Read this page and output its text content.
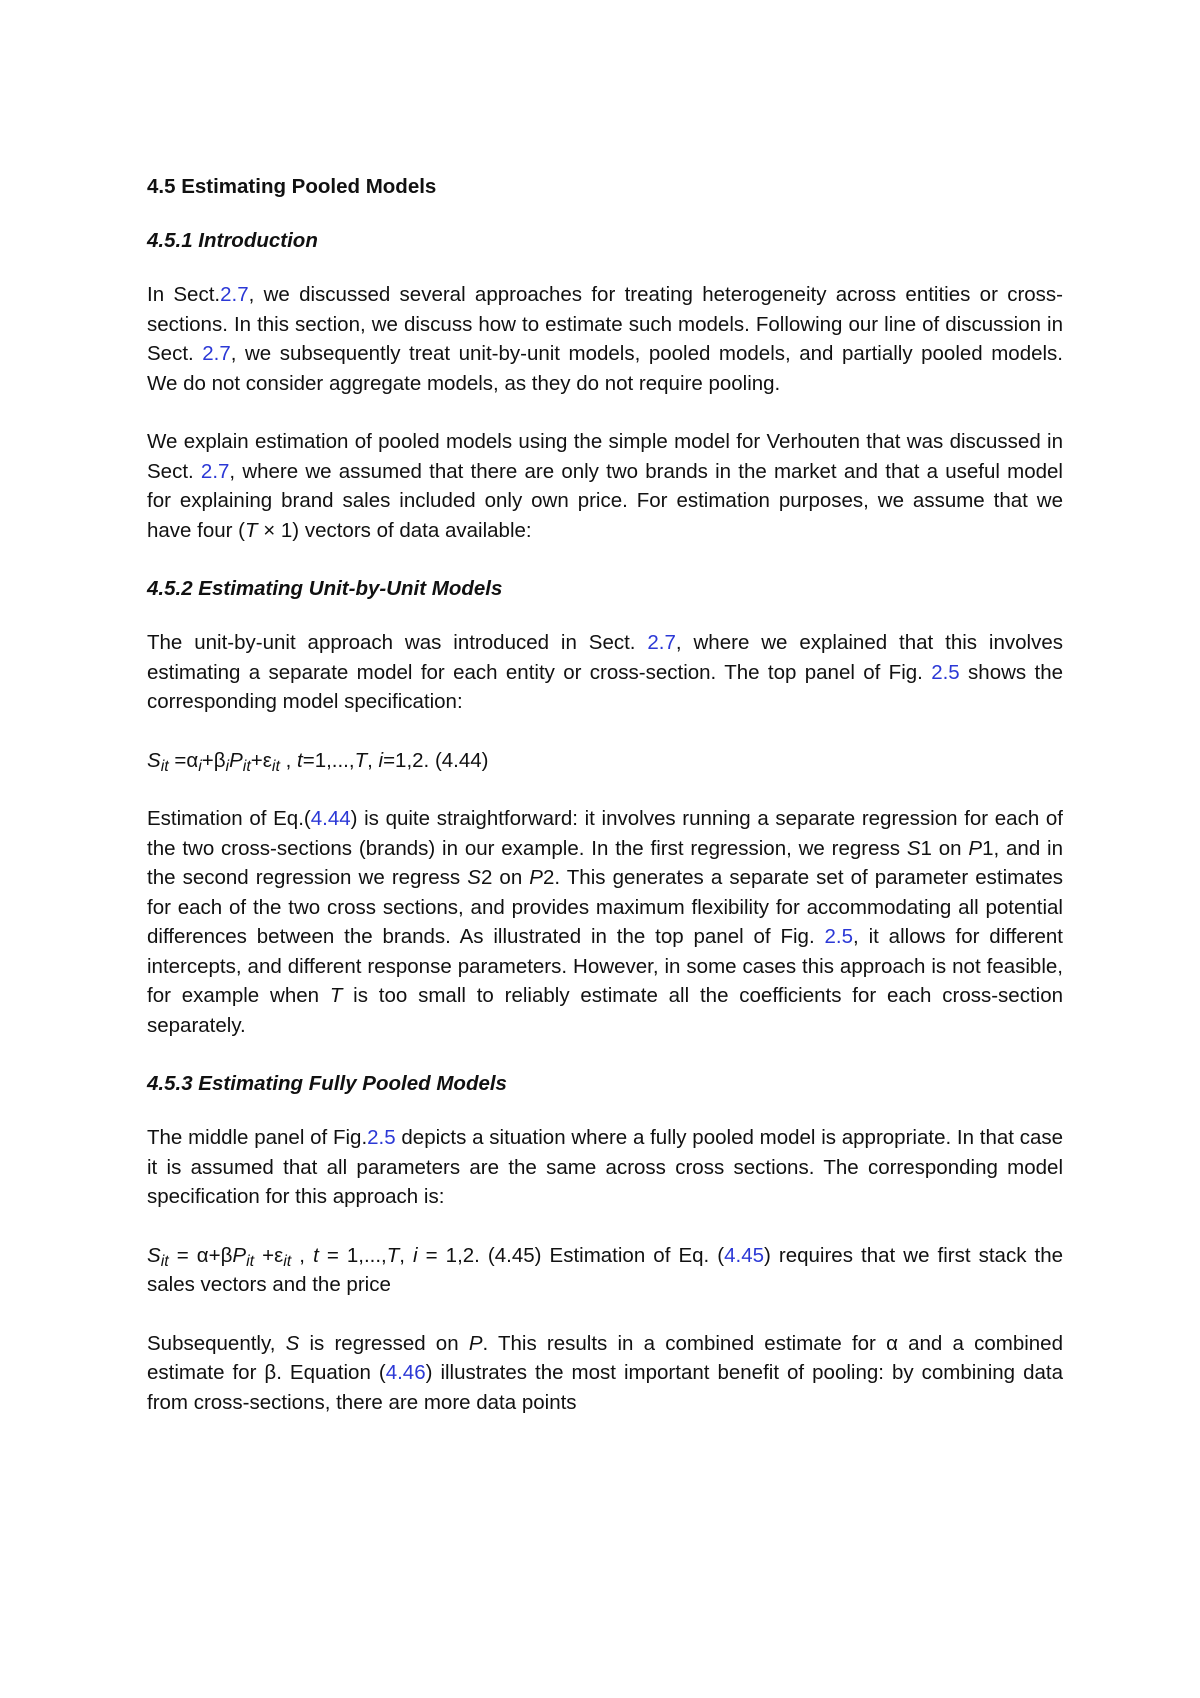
4.5 Estimating Pooled Models
4.5.1 Introduction

In Sect.2.7, we discussed several approaches for treating heterogeneity across entities or cross-sections. In this section, we discuss how to estimate such models. Following our line of discussion in Sect. 2.7, we subsequently treat unit-by-unit models, pooled models, and partially pooled models. We do not consider aggregate models, as they do not require pooling.

We explain estimation of pooled models using the simple model for Verhouten that was discussed in Sect. 2.7, where we assumed that there are only two brands in the market and that a useful model for explaining brand sales included only own price. For estimation purposes, we assume that we have four (T × 1) vectors of data available:

4.5.2 Estimating Unit-by-Unit Models

The unit-by-unit approach was introduced in Sect. 2.7, where we explained that this involves estimating a separate model for each entity or cross-section. The top panel of Fig. 2.5 shows the corresponding model specification:

$S_{it} =\alpha_i+\beta_iP_{it}+\varepsilon_{it}$ , t=1,...,T, i=1,2. (4.44)

Estimation of Eq.(4.44) is quite straightforward: it involves running a separate regression for each of the two cross-sections (brands) in our example. In the first regression, we regress S1 on P1, and in the second regression we regress S2 on P2. This generates a separate set of parameter estimates for each of the two cross sections, and provides maximum flexibility for accommodating all potential differences between the brands. As illustrated in the top panel of Fig. 2.5, it allows for different intercepts, and different response parameters. However, in some cases this approach is not feasible, for example when T is too small to reliably estimate all the coefficients for each cross-section separately.

4.5.3 Estimating Fully Pooled Models

The middle panel of Fig.2.5 depicts a situation where a fully pooled model is appropriate. In that case it is assumed that all parameters are the same across cross sections. The corresponding model specification for this approach is:

$S_{it} = \alpha+\beta P_{it} +\varepsilon_{it}$ , t = 1,...,T, i = 1,2. (4.45) Estimation of Eq. (4.45) requires that we first stack the sales vectors and the price

Subsequently, S is regressed on P. This results in a combined estimate for α and a combined estimate for β. Equation (4.46) illustrates the most important benefit of pooling: by combining data from cross-sections, there are more data points
